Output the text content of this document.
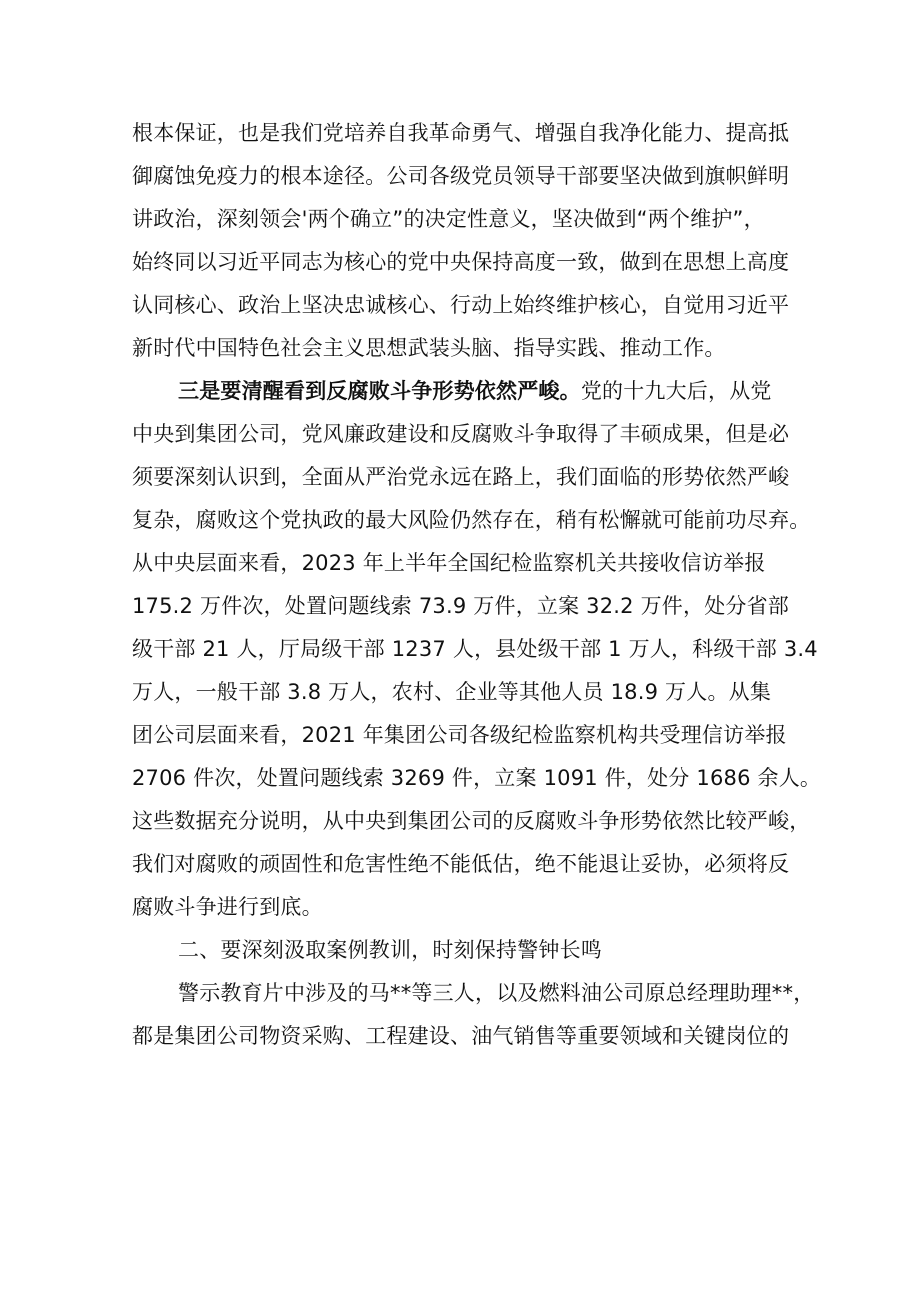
根本保证，也是我们党培养自我革命勇气、增强自我净化能力、提高抵
御腐蚀免疫力的根本途径。公司各级党员领导干部要坚决做到旗帜鲜明
讲政治，深刻领会'两个确立”的决定性意义，坚决做到“两个维护”，
始终同以习近平同志为核心的党中央保持高度一致，做到在思想上高度
认同核心、政治上坚决忠诚核心、行动上始终维护核心，自觉用习近平
新时代中国特色社会主义思想武装头脑、指导实践、推动工作。
三是要清醒看到反腐败斗争形势依然严峻。党的十九大后，从党
中央到集团公司，党风廉政建设和反腐败斗争取得了丰硕成果，但是必
须要深刻认识到，全面从严治党永远在路上，我们面临的形势依然严峻
复杂，腐败这个党执政的最大风险仍然存在，稍有松懈就可能前功尽弃。
从中央层面来看，2023 年上半年全国纪检监察机关共接收信访举报
175.2 万件次，处置问题线索 73.9 万件，立案 32.2 万件，处分省部
级干部 21 人，厅局级干部 1237 人，县处级干部 1 万人，科级干部 3.4
万人，一般干部 3.8 万人，农村、企业等其他人员 18.9 万人。从集
团公司层面来看，2021 年集团公司各级纪检监察机构共受理信访举报
2706 件次，处置问题线索 3269 件，立案 1091 件，处分 1686 余人。
这些数据充分说明，从中央到集团公司的反腐败斗争形势依然比较严峻，
我们对腐败的顽固性和危害性绝不能低估，绝不能退让妥协，必须将反
腐败斗争进行到底。
二、要深刻汲取案例教训，时刻保持警钟长鸣
警示教育片中涉及的马**等三人，以及燃料油公司原总经理助理**，
都是集团公司物资采购、工程建设、油气销售等重要领域和关键岗位的
